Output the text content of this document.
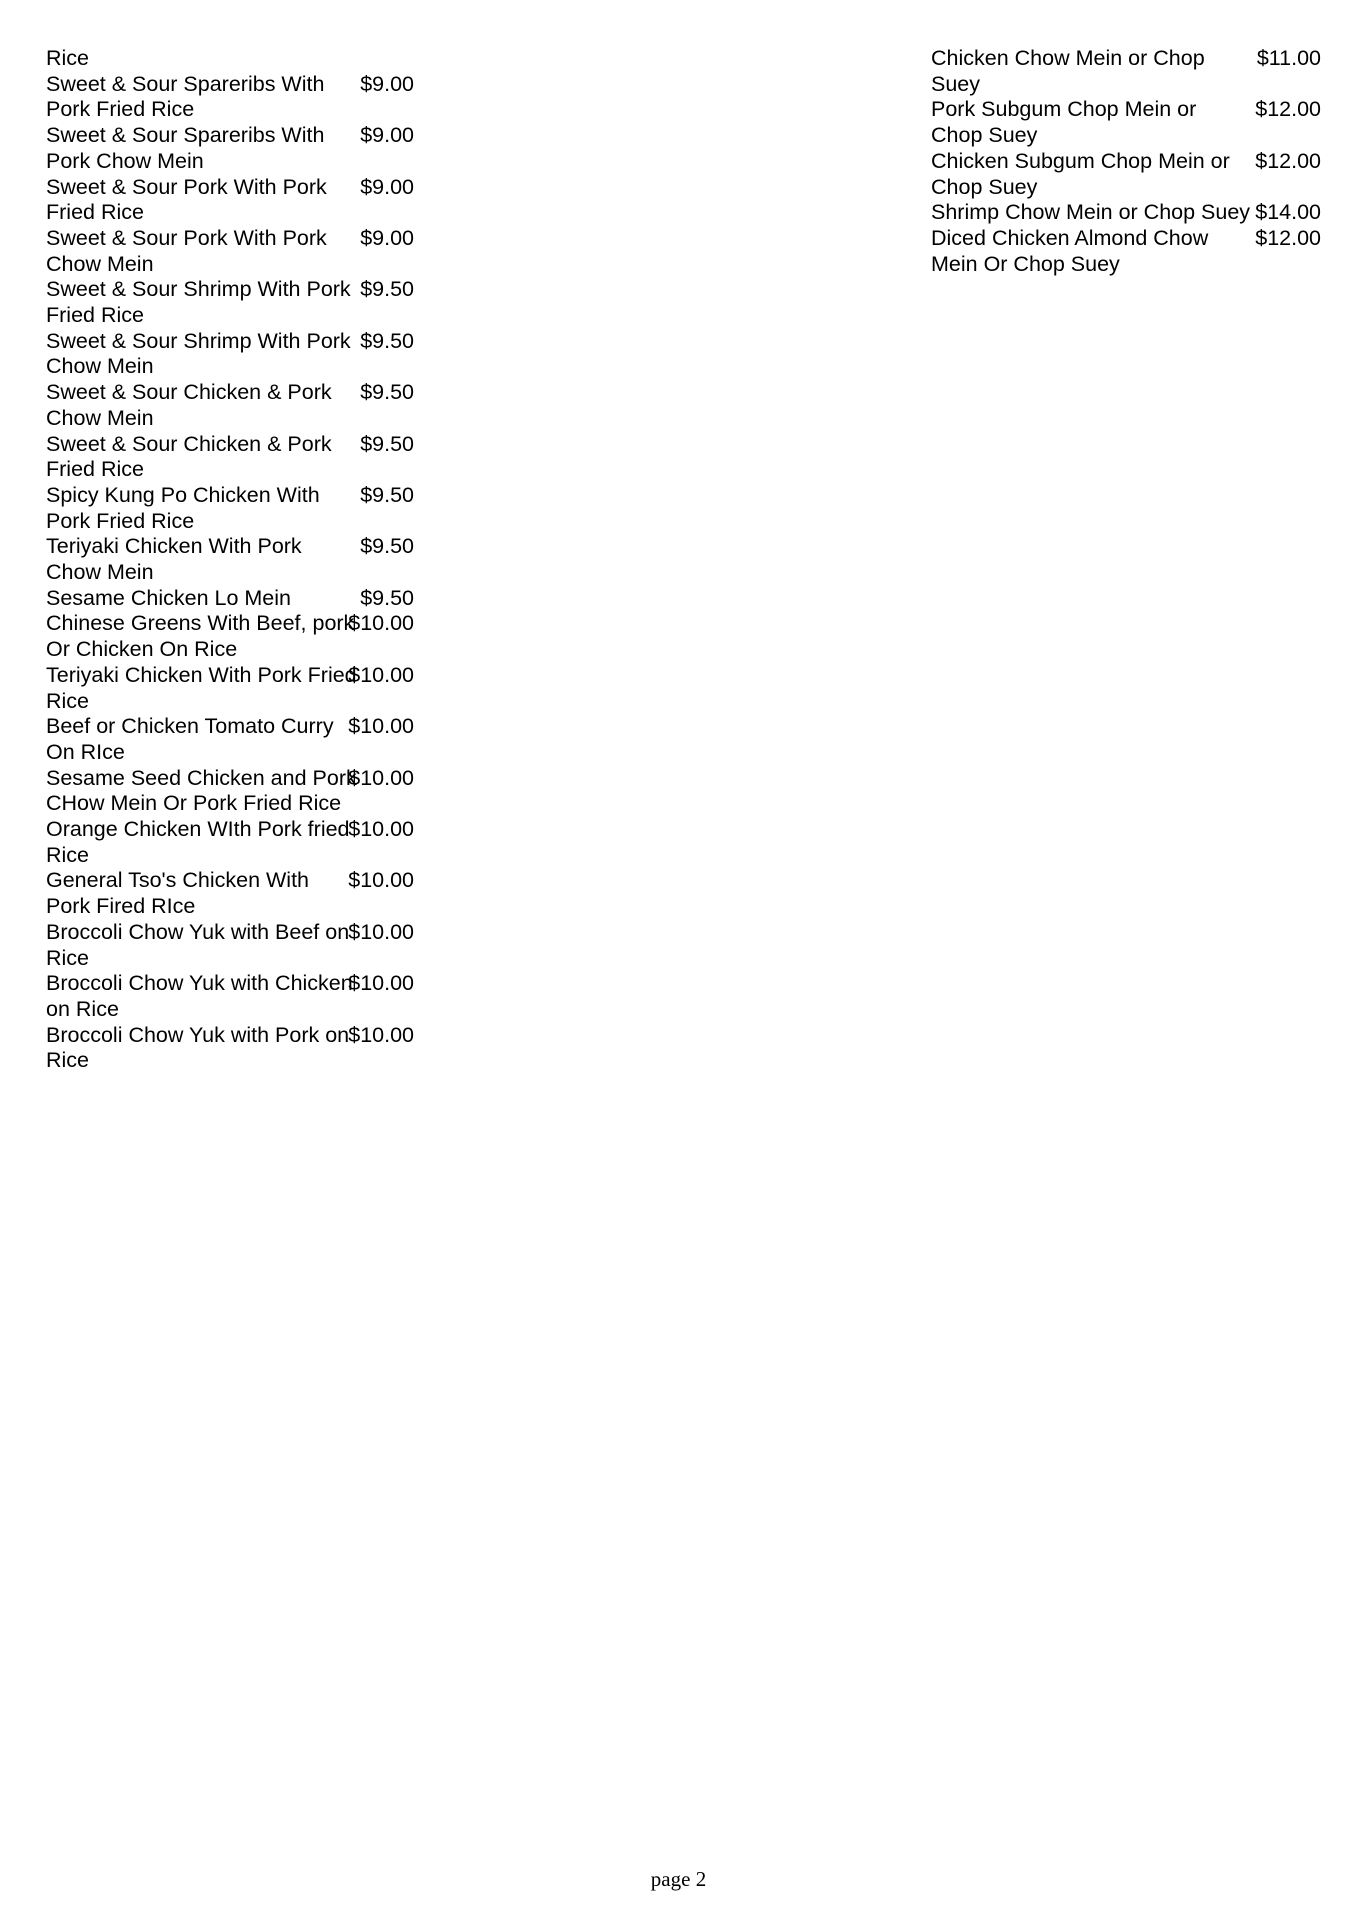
Rice
Sweet & Sour Spareribs With Pork Fried Rice
$9.00
Sweet & Sour Spareribs With Pork Chow Mein
$9.00
Sweet & Sour Pork With Pork Fried Rice
$9.00
Sweet & Sour Pork With Pork Chow Mein
$9.00
Sweet & Sour Shrimp With Pork Fried Rice
$9.50
Sweet & Sour Shrimp With Pork Chow Mein
$9.50
Sweet & Sour Chicken & Pork Chow Mein
$9.50
Sweet & Sour Chicken & Pork Fried Rice
$9.50
Spicy Kung Po Chicken With Pork Fried Rice
$9.50
Teriyaki Chicken With Pork Chow Mein
$9.50
Sesame Chicken Lo Mein	$9.50
Chinese Greens With Beef, pork Or Chicken On Rice
$10.00
Teriyaki Chicken With Pork Fried Rice
$10.00
Beef or Chicken Tomato Curry On RIce
$10.00
Sesame Seed Chicken and Pork CHow Mein Or Pork Fried Rice
$10.00
Orange Chicken WIth Pork fried Rice
$10.00
General Tso's Chicken With Pork Fired RIce
$10.00
Broccoli Chow Yuk with Beef on Rice
$10.00
Broccoli Chow Yuk with Chicken on Rice
$10.00
Broccoli Chow Yuk with Pork on Rice
$10.00
Chicken Chow Mein or Chop Suey
$11.00
Pork Subgum Chop Mein or Chop Suey
$12.00
Chicken Subgum Chop Mein or Chop Suey
$12.00
Shrimp Chow Mein or Chop Suey $14.00
Diced Chicken Almond Chow Mein Or Chop Suey
$12.00
page 2
